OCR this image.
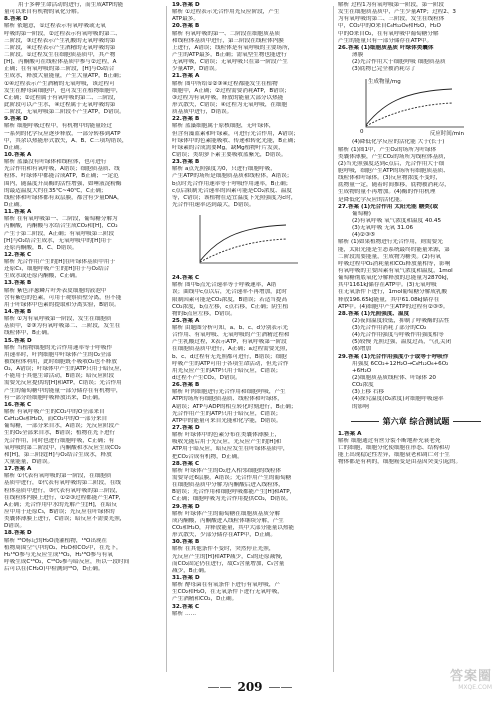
用于多种生命活动的进行，而生成ATP的能
量可以来自有机物的氧化分解。
8.答案 D
解析 依题意，①过程表示有氧呼吸或无氧
呼吸的第一阶段，②过程表示有氧呼吸的第二、
三阶段，③过程表示产生乳酸的无氧呼吸的第
二阶段，④过程表示产生酒精的无氧呼吸的第
二阶段。①过程发生在细胞质基质中，其产物
[H]、丙酮酸可在线粒体基质中参与②过程，A
正确；在有氧呼吸的第三阶段，[H]与O₂结合
生成水，释放大量能量，产生大量ATP，B正确；
①④过程表示产生酒精的无氧呼吸，该过程可
发生在酵母菌细胞中，也可发生在植物细胞中，
C正确；②过程属于有氧呼吸的第二、三阶段，
此阶段可以产生水，④过程属于无氧呼吸的第
二阶段，无氧呼吸第二阶段不产生ATP，D错误。
9.答案 D
解析 细胞呼吸过程中，有机物中的能量经过
一系列的化学反应逐步释放，一部分转移到ATP
中，其余以热能形式散失，A、B、C三项均错误，
D正确。
10.答案 A
解析 蓝藻没有叶绿体和线粒体，也可进行
光合作用和有氧呼吸，A错误；细胞质基质、线
粒体、叶绿体中都能合成ATP，B正确；一定范
围内，随温度升高酶的活性增强，如唾液淀粉酶
的最适温度大约在35℃~40℃，C正确；
线粒体和叶绿体都有双层膜，都含有少量DNA，
D正确。
11.答案 A
解析 在有氧呼吸第一、二阶段，葡萄糖分解为
丙酮酸，丙酮酸与水结合生成CO₂和[H]，CO₂
产生于第二阶段，A正确；有氧呼吸第三阶段
[H]与O₂结合生成水，无氧呼吸中的[H]用于
还原丙酮酸，B、C、D错误。
12.答案 C
解析 光合作用产生的[H]在叶绿体基质中用于
还原C₃，细胞呼吸产生的[H]用于与O₂结合
生成水或还原丙酮酸，C正确。
13.答案 B
解析 紫色洋葱鳞片叶外表皮细胞的液泡中
含有紫色的色素，可用于观察质壁分离，但不能
用于叶绿体中色素的提取和分离实验，B错误。
14.答案 B
解析 ①为有氧呼吸第一阶段，发生在细胞质
基质中，②③为有氧呼吸第二、三阶段，发生在
线粒体中，B正确。
15.答案 D
解析 当植物细胞的光合作用速率等于呼吸作
用速率时，叶肉细胞中叶绿体产生的O₂全部
被线粒体利用，此时细胞既不吸收O₂也不释放
O₂，A错误；叶绿体中产生的ATP只用于暗反应，
不能用于其他生命活动，B错误；暗反应阶段
需要光反应提供的[H]和ATP，C错误；光合作用
产生的葡萄糖中的能量一部分储存在有机物中，
有一部分经细胞呼吸释放出来，D正确。
16.答案 C
解析 有氧呼吸产生的CO₂中的O全部来自
C₆H₁₂O₆和H₂O，而CO₂中的O一部分来自
葡萄糖，一部分来自水，A错误；光反应阶段产
生的O₂全部来自水，B错误；植物在光下进行
光合作用，同时也进行细胞呼吸，C正确；有
氧呼吸的第二阶段中，丙酮酸和水反应生成CO₂
和[H]，第三阶段[H]与O₂结合生成水，释放
大量能量，D错误。
17.答案 A
解析 ①代表有氧呼吸的第一阶段，在细胞质
基质中进行，②代表有氧呼吸的第二阶段，在线
粒体基质中进行，③代表有氧呼吸的第三阶段，
在线粒体内膜上进行，①②③过程都能产生ATP，
A正确；光合作用中水的光解产生[H]，在暗反
应中用于还原C₃，B错误；光反应在叶绿体的
类囊体薄膜上进行，C错误；暗反应不需要光照，
D错误。
18.答案 D
解析 ¹⁸O标记的H₂O浇灌植物，¹⁸O出现在
植物周围空气中的O₂、H₂O和CO₂中，在光下，
H₂¹⁸O参与光反应生成¹⁸O₂，H₂¹⁸O参与有氧
呼吸生成C¹⁸O₂，C¹⁸O₂参与暗反应，所以一段时间
后可以在(CH₂O)中检测到¹⁸O，D正确。
19.答案 D
解析 ①过程表示光合作用光反应阶段，产生
ATP最多。
20.答案 B
解析 有氧呼吸的第一、二阶段在细胞质基质
和线粒体基质中进行，第三阶段在线粒体内膜
上进行，A错误；线粒体是有氧呼吸的主要场所，
产生的ATP最多，B正确；需氧型生物也能进行
无氧呼吸，C错误；无氧呼吸只在第一阶段产生
少量ATP，D错误。
21.答案 A
解析 图中所给①②③④过程都能发生在植物
细胞中，A正确；②过程需要消耗ATP，B错误；
③过程为有氧呼吸，释放的能量大部分以热能
形式散失，C错误；④过程为无氧呼吸，在细胞
质基质中进行，D错误。
22.答案 B
解析 蓝藻细胞属于原核细胞，无叶绿体，
但含有藻蓝素和叶绿素，可进行光合作用，A错误；
叶绿体中的色素能吸收、传递和转化光能，B正确；
叶绿素的合成需要Mg，缺Mg植物叶片发黄，
C错误；类胡萝卜素主要吸收蓝紫光，D错误。
23.答案 B
解析 a点光照强度为0，只进行细胞呼吸，
产生ATP的场所是细胞质基质和线粒体，A错误；
b点时光合作用速率等于呼吸作用速率，B正确；
c点后限制光合速率的因素可能是CO₂浓度、温度
等，C错误；该植物在适宜温度下光照强度为c时，
光合作用速率达到最大，D错误。
24.答案 C
解析 图中b点光合速率等于呼吸速率，A错
误；曲线中c点以后，光合速率不再增加，此时
限制因素可能是CO₂浓度，B错误；若适当提高
CO₂浓度，b点左移，c点右移，C正确；阴生植
物的b点应左移，D错误。
25.答案 A
解析 由题图分析可知，a、b、c、d分别表示光
合作用、有氧呼吸、无氧呼吸的产生酒精过程和
产生乳酸过程，X表示ATP，有氧呼吸第一阶段
在细胞质基质中进行，A正确；a过程需要光照，
b、c、d过程有无光照都可进行，B错误；细胞
呼吸产生的ATP可用于各项生命活动，但光合作
用光反应产生的ATP只用于暗反应，C错误；
d过程不产生CO₂，D错误。
26.答案 B
解析 叶肉细胞进行光合作用和细胞呼吸，产生
ATP的场所有细胞质基质、线粒体和叶绿体，
A错误；ATP与ADP的相互转化时刻进行，B正确；
光合作用产生的ATP只用于暗反应，C错误；
ATP中的能量可来自光能和化学能，D错误。
27.答案 D
解析 叶绿体中的色素分布在类囊体薄膜上，
吸收光能后用于光反应，光反应产生的[H]和
ATP用于暗反应，暗反应发生在叶绿体基质中，
把CO₂合成有机物，D正确。
28.答案 C
解析 叶绿体产生的O₂进入相邻细胞的线粒体
需要穿过6层膜，A错误；光合作用产生的葡萄糖
在细胞质基质中分解为丙酮酸后进入线粒体，
B错误；光合作用和细胞呼吸都能产生[H]和ATP，
C正确；细胞呼吸为光合作用提供CO₂，D错误。
29.答案 D
解析 叶绿体产生的葡萄糖在细胞质基质分解
成丙酮酸，丙酮酸进入线粒体继续分解，产生
CO₂和H₂O，并释放能量，其中大部分能量以热能
形式散失，少部分储存在ATP中，D正确。
30.答案 B
解析 在其他条件不变时，突然停止光照，
光反应产生的[H]和ATP减少，C₃的还原减慢，
而CO₂固定仍在进行，故C₃含量增加，C₅含量
减少，B正确。
31.答案 D
解析 酵母菌在有氧条件下进行有氧呼吸，产
生CO₂和H₂O，在无氧条件下进行无氧呼吸，
产生酒精和CO₂，D正确。
32.答案 C
解析 ……
解析 过程1为有氧呼吸第一阶段，第一阶段
发生在细胞质基质中，产生少量ATP；过程2、3
为有氧呼吸的第二、三阶段，发生在线粒体
中，CO₂中的O来自C₆H₁₂O₆和H₂O，H₂O
中的O来自O₂，在有氧呼吸中葡萄糖分解
产生的能量只有一部分储存在ATP中。
26.答案 (1)细胞质基质 叶绿体类囊体
薄膜
(2)光合作用大于细胞呼吸 细胞质基质
(3)底物已完全被消耗尽了
生成物量/mg
反应时间/min
0
(4)降低化学反应的活化能 大于(长于)
解析 (1)图1中，产生O₂的场所为叶绿体
类囊体薄膜，产生CO₂的场所为线粒体基质，
(2)当光照强度达到c点后，光合作用大于细
胞呼吸，细胞产生ATP的场所有细胞质基质、
线粒体和叶绿体。(3)反应物浓度不变时，
底物量一定，随着时间推移，底物被消耗尽，
生成物的量不再增加。(4)酶的作用机理
是降低化学反应的活化能。
27.答案 (1)光合作用 太阳光能 糖类(或
葡萄糖)
(2)有氧呼吸 氧气浓度和温度 40.45
(3)无氧呼吸 无氧 31.06
(4)②③⑤
解析 (1)如果植物进行光合作用，则需要光
能，太阳光能是生态系统最终的能量来源，第
二阶段需要能量，生成物为糖类。(2)有氧
呼吸过程中O₂消耗量和CO₂释放量相等，影响
有氧呼吸的主要因素有氧气浓度和温度，1mol
葡萄糖彻底氧化分解释放的总能量为2870kJ，
其中1161kJ储存在ATP中。(3)无氧呼吸
在无氧条件下进行，1mol葡萄糖分解成乳酸
释放196.65kJ能量，其中61.08kJ储存在
ATP中。(4)细胞中产生ATP的过程有②③⑤。
28.答案 (1)光照强度、温度
(2)夜间温度较低，抑制了呼吸酶的活性
(3)光合作用消耗了部分的CO₂
(4)光合作用强度与呼吸作用强度相等
(5)较慢 光照过强，温度过高，气孔关闭
(6)增加
29.答案 (1)光合作用强度小于或等于呼吸作
用强度 6CO₂+12H₂O→C₆H₁₂O₆+6O₂
+6H₂O
(2)细胞质基质线粒体、叶绿体 20
CO₂浓度
(3)上移 右移
(4)探究温度(O₂浓度)对细胞呼吸速率
的影响
第六章 综合测试题
1.答案 A
解析 细胞通过有丝分裂不断地补充衰老死
亡的细胞，细胞分化使细胞在形态、结构和功
能上出现稳定性差异，细胞衰老和凋亡对于生
物体都是有利的，细胞癌变是由基因突变引起的。
—— 209 ——
答案圈
MXQE.COM
